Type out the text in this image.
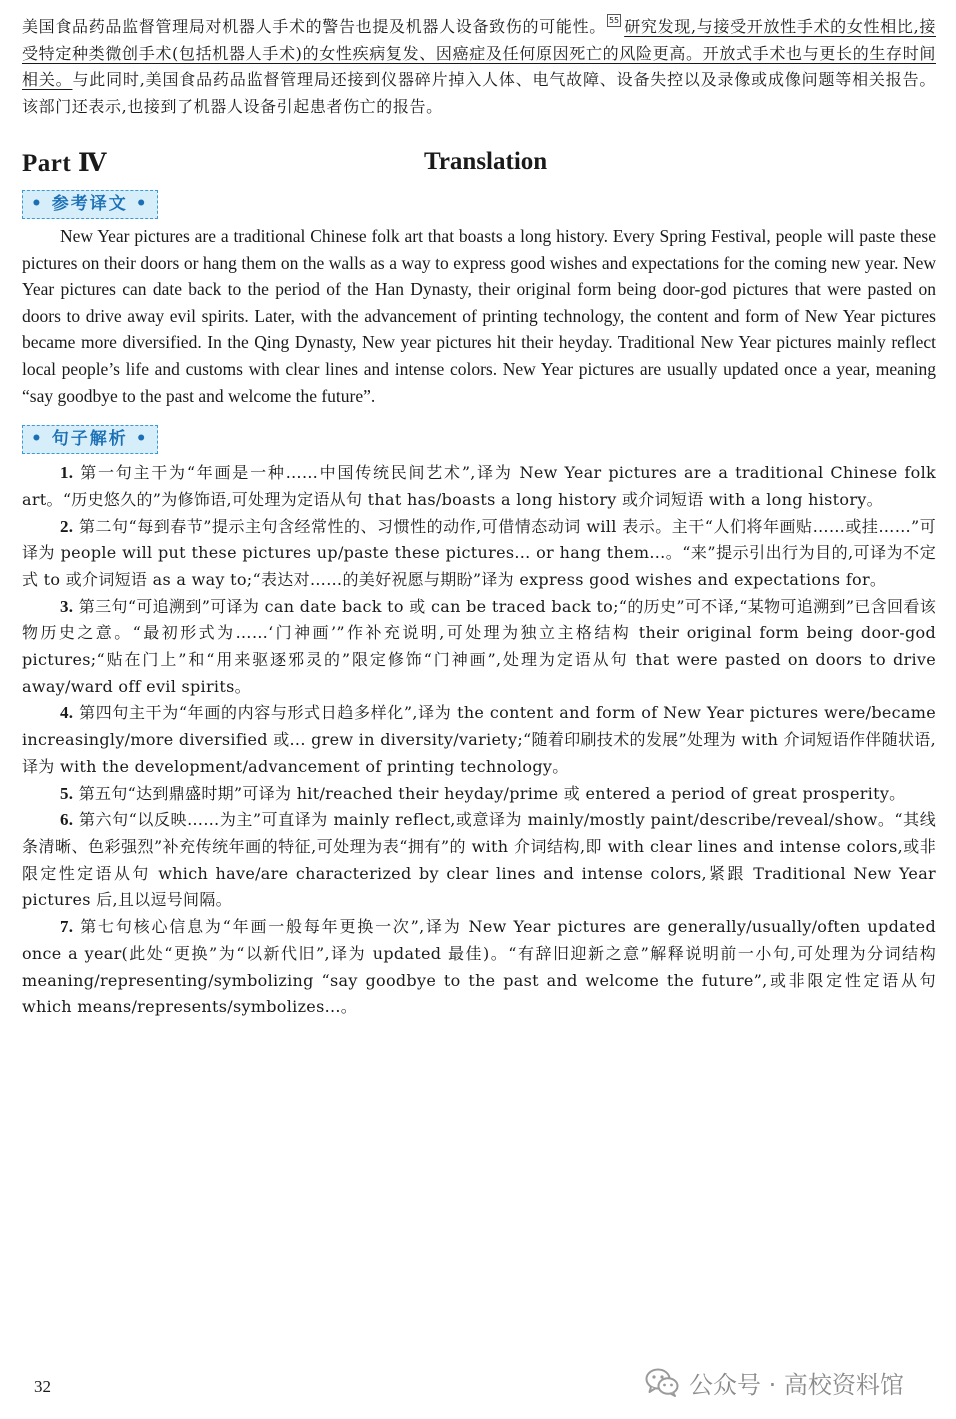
美国食品药品监督管理局对机器人手术的警告也提及机器人设备致伤的可能性。 55 研究发现,与接受开放性手术的女性相比,接受特定种类微创手术(包括机器人手术)的女性疾病复发、因癌症及任何原因死亡的风险更高。开放式手术也与更长的生存时间相关。与此同时,美国食品药品监督管理局还接到仪器碎片掉入人体、电气故障、设备失控以及录像或成像问题等相关报告。该部门还表示,也接到了机器人设备引起患者伤亡的报告。

Part Ⅳ	Translation
• 参考译文 •

New Year pictures are a traditional Chinese folk art that boasts a long history. Every Spring Festival, people will paste these pictures on their doors or hang them on the walls as a way to express good wishes and expectations for the coming new year. New Year pictures can date back to the period of the Han Dynasty, their original form being door-god pictures that were pasted on doors to drive away evil spirits. Later, with the advancement of printing technology, the content and form of New Year pictures became more diversified. In the Qing Dynasty, New year pictures hit their heyday. Traditional New Year pictures mainly reflect local people’s life and customs with clear lines and intense colors. New Year pictures are usually updated once a year, meaning “say goodbye to the past and welcome the future”.

• 句子解析 •

1. 第一句主干为“年画是一种……中国传统民间艺术”,译为 New Year pictures are a traditional Chinese folk art。“历史悠久的”为修饰语,可处理为定语从句 that has/boasts a long history 或介词短语 with a long history。

2. 第二句“每到春节”提示主句含经常性的、习惯性的动作,可借情态动词 will 表示。主干“人们将年画贴……或挂……”可译为 people will put these pictures up/paste these pictures... or hang them...。“来”提示引出行为目的,可译为不定式 to 或介词短语 as a way to;“表达对……的美好祝愿与期盼”译为 express good wishes and expectations for。

3. 第三句“可追溯到”可译为 can date back to 或 can be traced back to;“的历史”可不译,“某物可追溯到”已含回看该物历史之意。“最初形式为……‘门神画’”作补充说明,可处理为独立主格结构 their original form being door-god pictures;“贴在门上”和“用来驱逐邪灵的”限定修饰“门神画”,处理为定语从句 that were pasted on doors to drive away/ward off evil spirits。

4. 第四句主干为“年画的内容与形式日趋多样化”,译为 the content and form of New Year pictures were/became increasingly/more diversified 或... grew in diversity/variety;“随着印刷技术的发展”处理为 with 介词短语作伴随状语,译为 with the development/advancement of printing technology。

5. 第五句“达到鼎盛时期”可译为 hit/reached their heyday/prime 或 entered a period of great prosperity。

6. 第六句“以反映……为主”可直译为 mainly reflect,或意译为 mainly/mostly paint/describe/reveal/show。“其线条清晰、色彩强烈”补充传统年画的特征,可处理为表“拥有”的 with 介词结构,即 with clear lines and intense colors,或非限定性定语从句 which have/are characterized by clear lines and intense colors,紧跟 Traditional New Year pictures 后,且以逗号间隔。

7. 第七句核心信息为“年画一般每年更换一次”,译为 New Year pictures are generally/usually/often updated once a year(此处“更换”为“以新代旧”,译为 updated 最佳)。“有辞旧迎新之意”解释说明前一小句,可处理为分词结构 meaning/representing/symbolizing “say goodbye to the past and welcome the future”,或非限定性定语从句 which means/represents/symbolizes...。

32	公众号 · 高校资料馆
